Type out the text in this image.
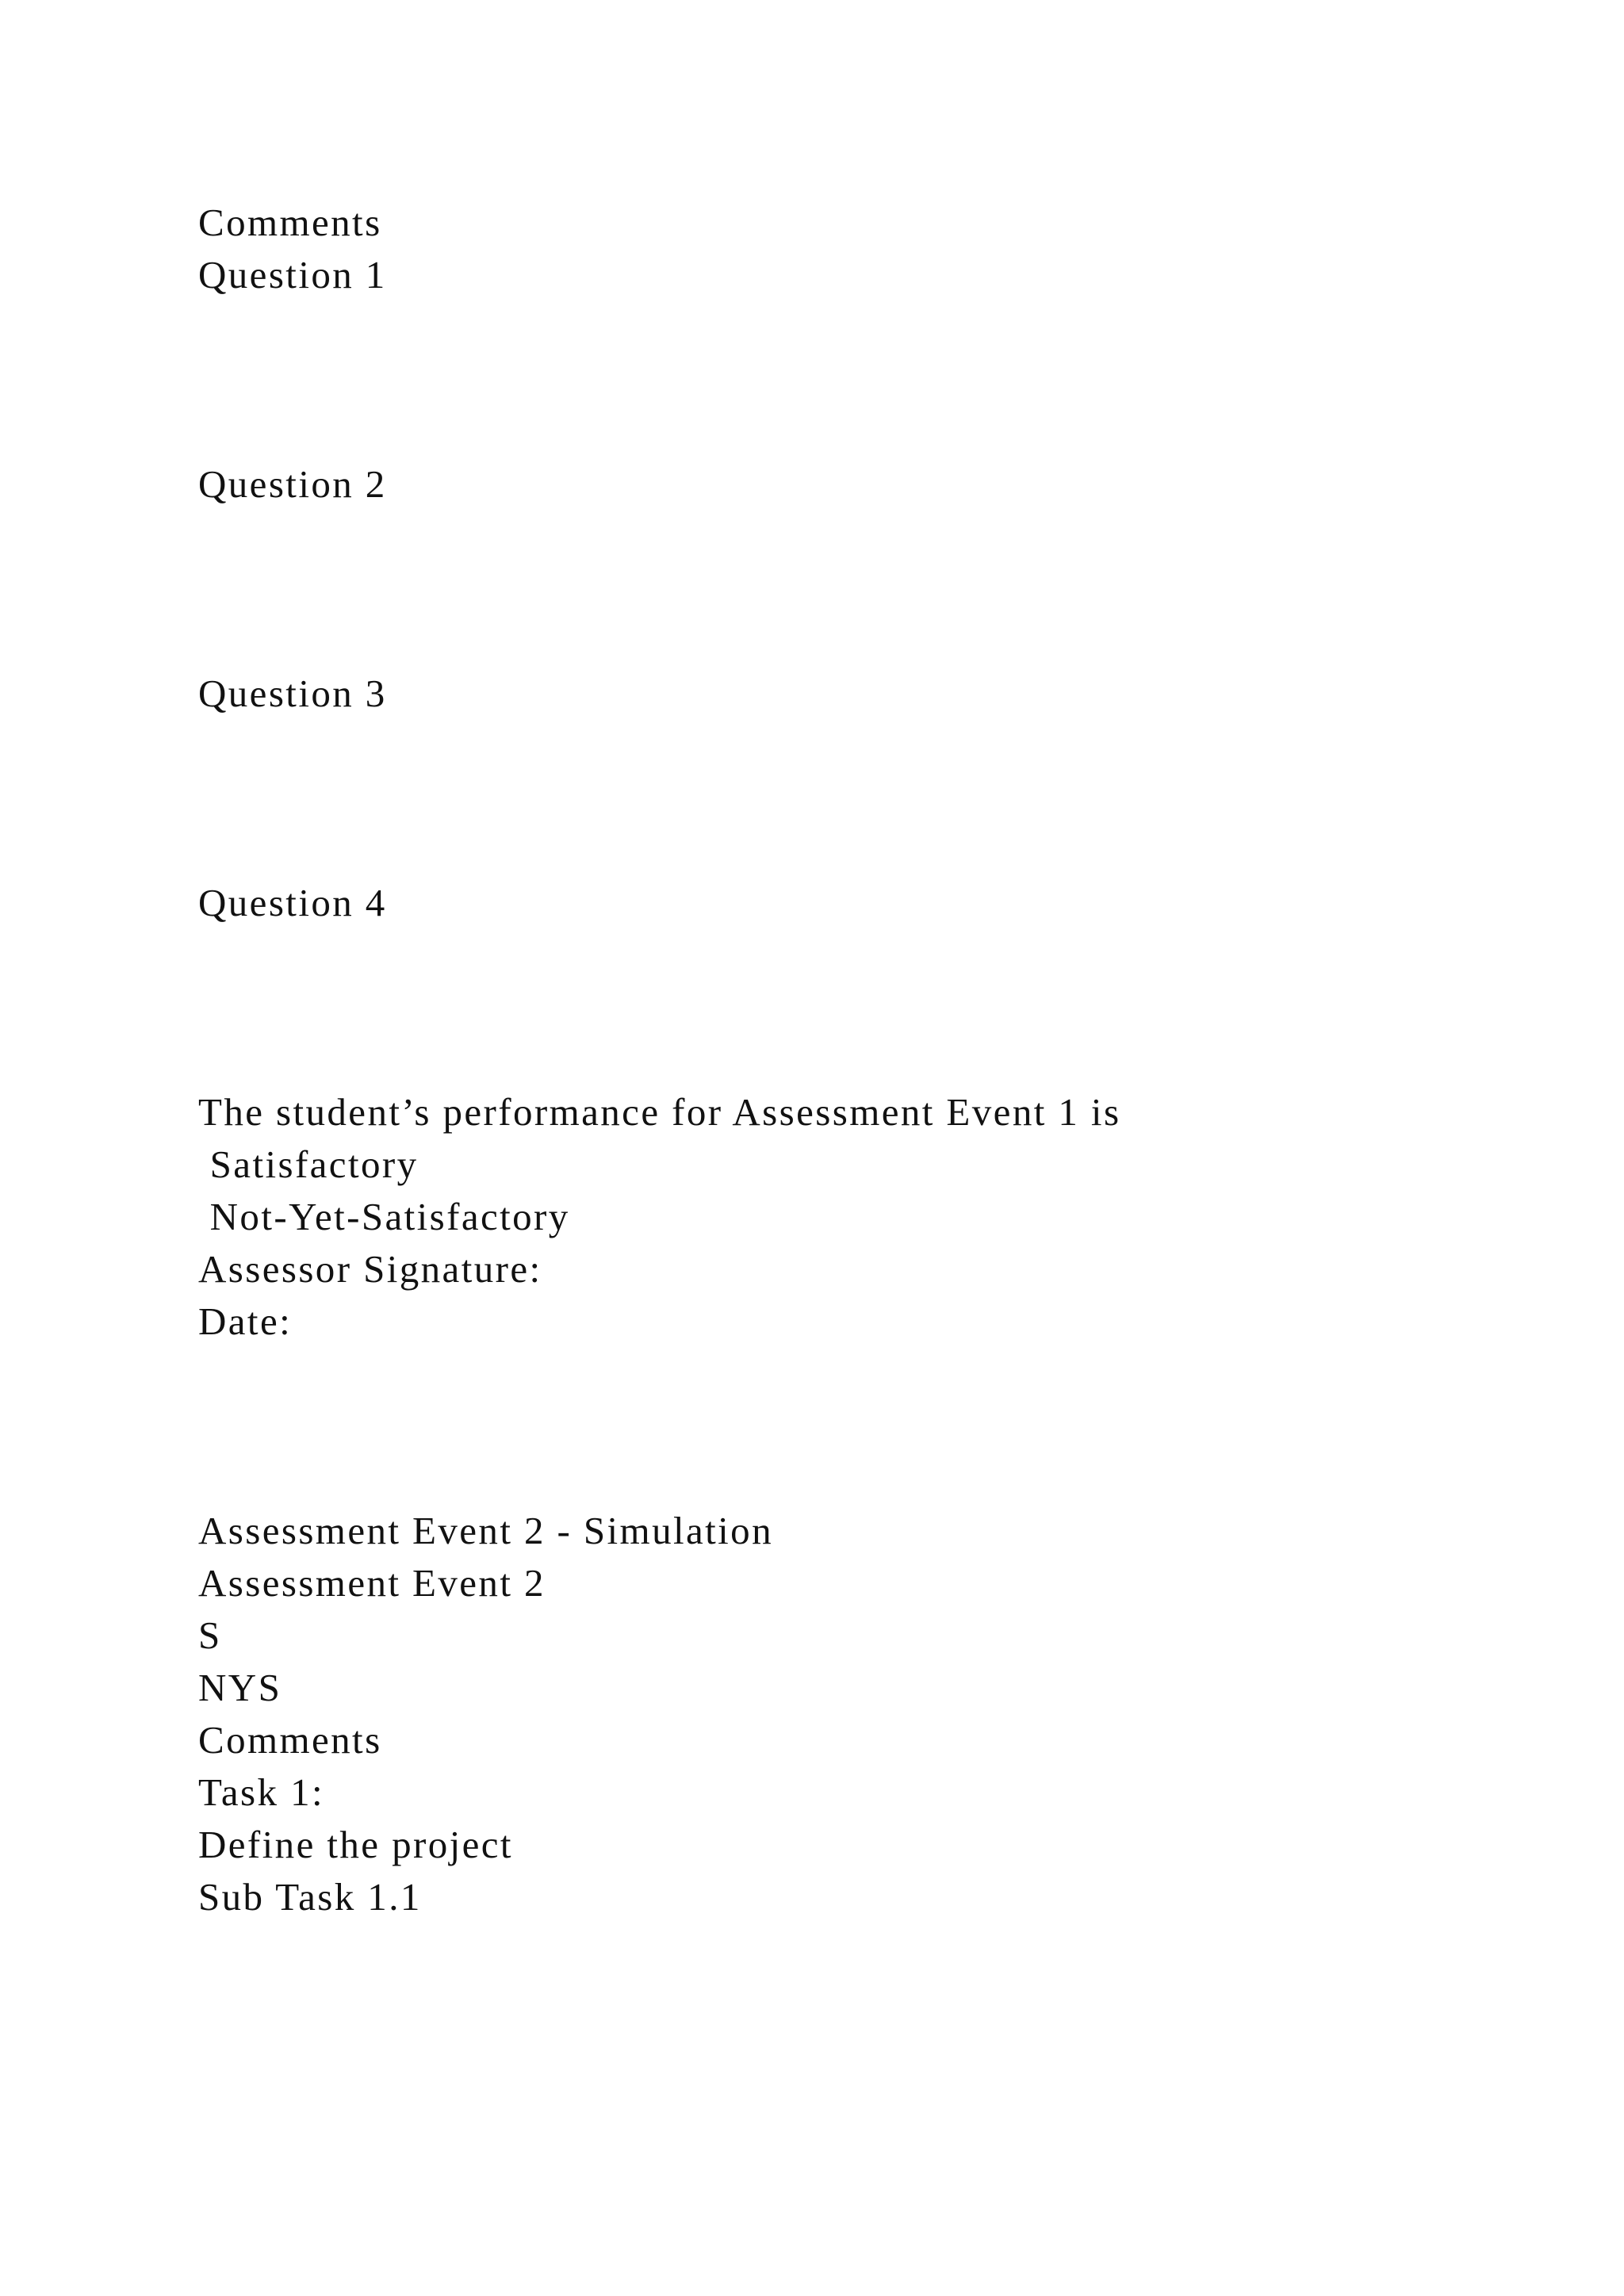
Comments

Question 1

Question 2

Question 3

Question 4

The student’s performance for Assessment Event 1 is

Satisfactory

Not-Yet-Satisfactory

Assessor Signature:

Date:

Assessment Event 2 - Simulation

Assessment Event 2

S

NYS

Comments

Task 1:

Define the project

Sub Task 1.1
